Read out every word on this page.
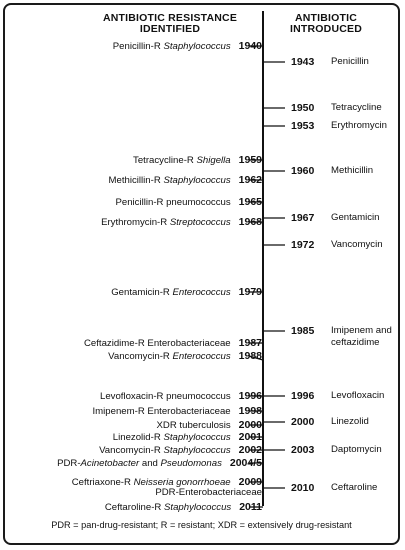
ANTIBIOTIC RESISTANCE
IDENTIFIED
ANTIBIOTIC
INTRODUCED
Penicillin-R Staphylococcus 1940
Tetracycline-R Shigella 1959
Methicillin-R Staphylococcus 1962
Penicillin-R pneumococcus 1965
Erythromycin-R Streptococcus 1968
Gentamicin-R Enterococcus 1979
Ceftazidime-R Enterobacteriaceae 1987
Vancomycin-R Enterococcus 1988
Levofloxacin-R pneumococcus 1996
Imipenem-R Enterobacteriaceae 1998
XDR tuberculosis 2000
Linezolid-R Staphylococcus 2001
Vancomycin-R Staphylococcus 2002
PDR-Acinetobacter and Pseudomonas 2004/5
Ceftriaxone-R Neisseria gonorrhoeae 2009
PDR-Enterobacteriaceae
Ceftaroline-R Staphylococcus 2011
1943 Penicillin
1950 Tetracycline
1953 Erythromycin
1960 Methicillin
1967 Gentamicin
1972 Vancomycin
1985 Imipenem and
ceftazidime
1996 Levofloxacin
2000 Linezolid
2003 Daptomycin
2010 Ceftaroline
PDR = pan-drug-resistant; R = resistant; XDR = extensively drug-resistant
